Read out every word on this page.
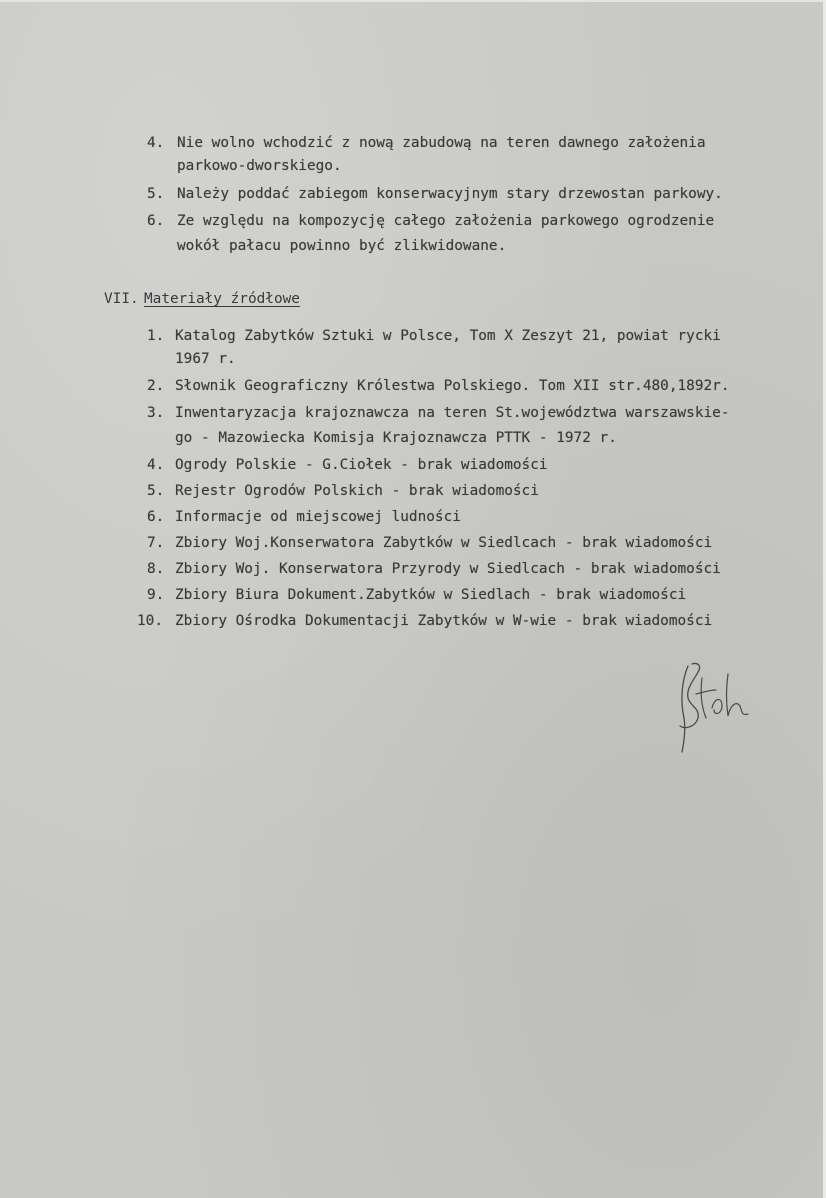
4. Nie wolno wchodzić z nową zabudową na teren dawnego założenia
parkowo-dworskiego.
5. Należy poddać zabiegom konserwacyjnym stary drzewostan parkowy.
6. Ze względu na kompozycję całego założenia parkowego ogrodzenie
wokół pałacu powinno być zlikwidowane.
VII. Materiały źródłowe
1. Katalog Zabytków Sztuki w Polsce, Tom X Zeszyt 21, powiat rycki
1967 r.
2. Słownik Geograficzny Królestwa Polskiego. Tom XII str.480,1892r.
3. Inwentaryzacja krajoznawcza na teren St.województwa warszawskie-
go - Mazowiecka Komisja Krajoznawcza PTTK - 1972 r.
4. Ogrody Polskie - G.Ciołek - brak wiadomości
5. Rejestr Ogrodów Polskich - brak wiadomości
6. Informacje od miejscowej ludności
7. Zbiory Woj.Konserwatora Zabytków w Siedlcach - brak wiadomości
8. Zbiory Woj. Konserwatora Przyrody w Siedlcach - brak wiadomości
9. Zbiory Biura Dokument.Zabytków w Siedlach - brak wiadomości
10. Zbiory Ośrodka Dokumentacji Zabytków w W-wie - brak wiadomości
